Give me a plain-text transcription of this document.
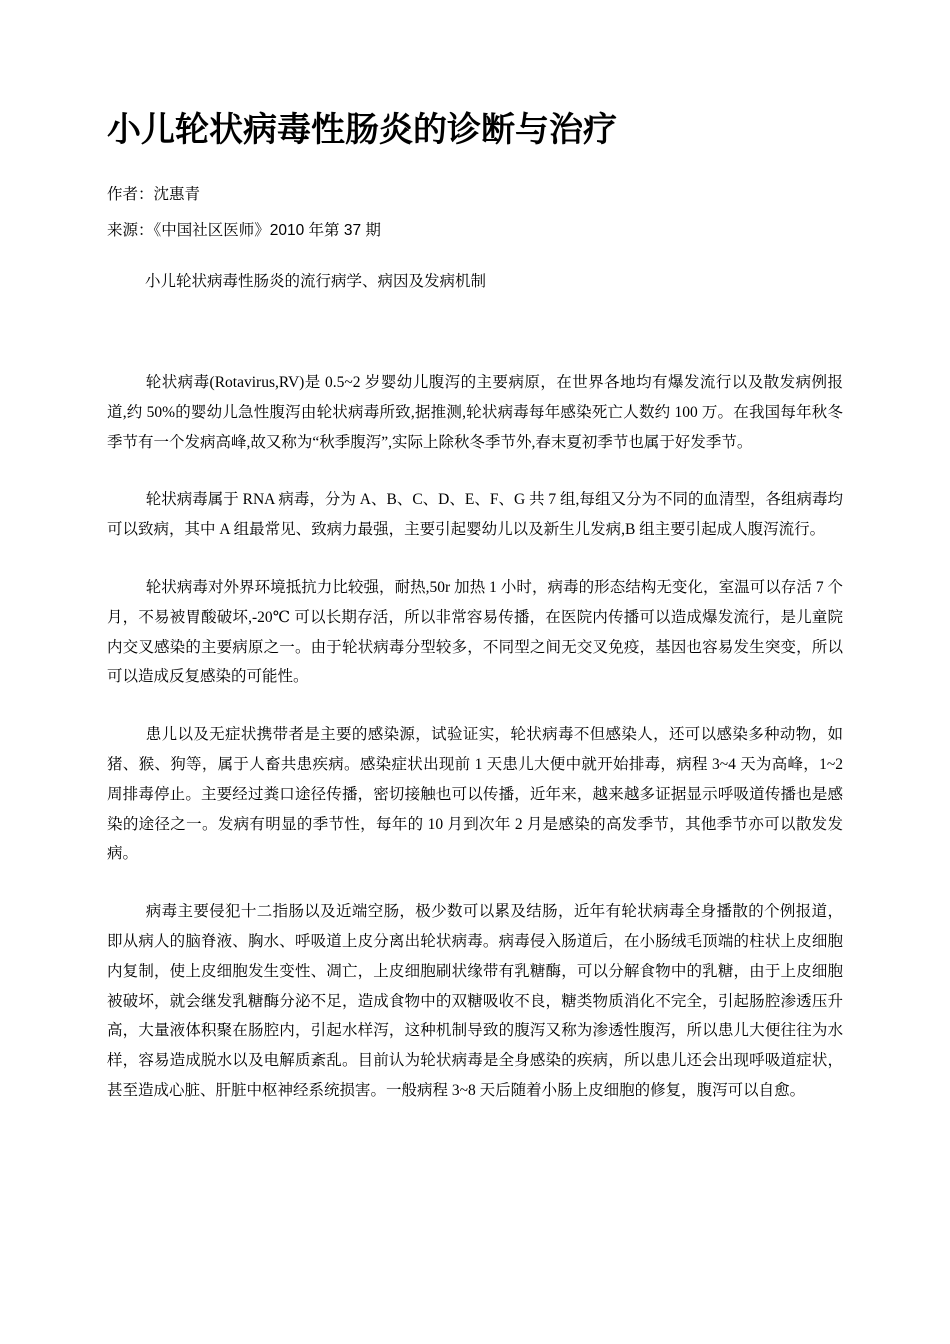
小儿轮状病毒性肠炎的诊断与治疗

作者：沈惠青

来源：《中国社区医师》2010 年第 37 期

小儿轮状病毒性肠炎的流行病学、病因及发病机制

轮状病毒(Rotavirus,RV)是 0.5~2 岁婴幼儿腹泻的主要病原，在世界各地均有爆发流行以及散发病例报道,约 50%的婴幼儿急性腹泻由轮状病毒所致,据推测,轮状病毒每年感染死亡人数约 100 万。在我国每年秋冬季节有一个发病高峰,故又称为“秋季腹泻”,实际上除秋冬季节外,春末夏初季节也属于好发季节。

轮状病毒属于 RNA 病毒，分为 A、B、C、D、E、F、G 共 7 组,每组又分为不同的血清型，各组病毒均可以致病，其中 A 组最常见、致病力最强，主要引起婴幼儿以及新生儿发病,B 组主要引起成人腹泻流行。

轮状病毒对外界环境抵抗力比较强，耐热,50r 加热 1 小时，病毒的形态结构无变化，室温可以存活 7 个月，不易被胃酸破坏,-20℃ 可以长期存活，所以非常容易传播，在医院内传播可以造成爆发流行，是儿童院内交叉感染的主要病原之一。由于轮状病毒分型较多，不同型之间无交叉免疫，基因也容易发生突变，所以可以造成反复感染的可能性。

患儿以及无症状携带者是主要的感染源，试验证实，轮状病毒不但感染人，还可以感染多种动物，如猪、猴、狗等，属于人畜共患疾病。感染症状出现前 1 天患儿大便中就开始排毒，病程 3~4 天为高峰，1~2 周排毒停止。主要经过粪口途径传播，密切接触也可以传播，近年来，越来越多证据显示呼吸道传播也是感染的途径之一。发病有明显的季节性，每年的 10 月到次年 2 月是感染的高发季节，其他季节亦可以散发发病。

病毒主要侵犯十二指肠以及近端空肠，极少数可以累及结肠，近年有轮状病毒全身播散的个例报道，即从病人的脑脊液、胸水、呼吸道上皮分离出轮状病毒。病毒侵入肠道后，在小肠绒毛顶端的柱状上皮细胞内复制，使上皮细胞发生变性、凋亡，上皮细胞刷状缘带有乳糖酶，可以分解食物中的乳糖，由于上皮细胞被破坏，就会继发乳糖酶分泌不足，造成食物中的双糖吸收不良，糖类物质消化不完全，引起肠腔渗透压升高，大量液体积聚在肠腔内，引起水样泻，这种机制导致的腹泻又称为渗透性腹泻，所以患儿大便往往为水样，容易造成脱水以及电解质紊乱。目前认为轮状病毒是全身感染的疾病，所以患儿还会出现呼吸道症状，甚至造成心脏、肝脏中枢神经系统损害。一般病程 3~8 天后随着小肠上皮细胞的修复，腹泻可以自愈。
